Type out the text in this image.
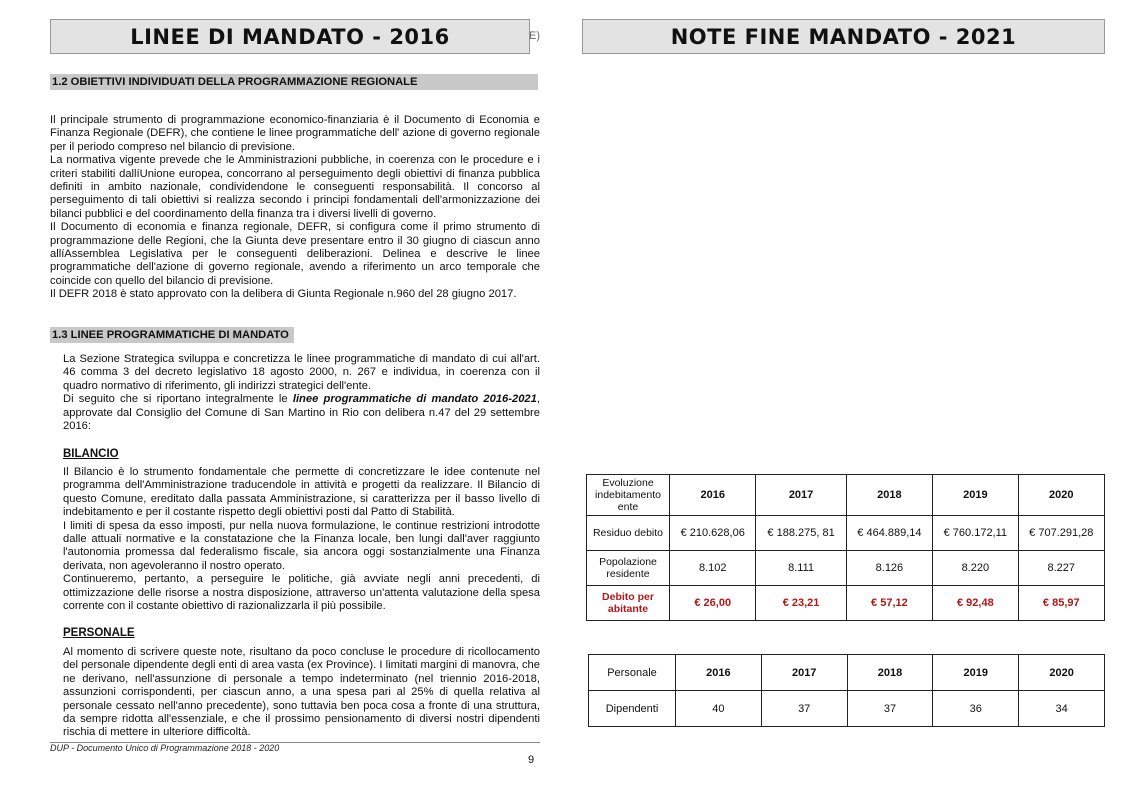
LINEE DI MANDATO - 2016	E)	NOTE FINE MANDATO - 2021
1.2 OBIETTIVI INDIVIDUATI DELLA PROGRAMMAZIONE REGIONALE

Il principale strumento di programmazione economico-finanziaria è il Documento di Economia e Finanza Regionale (DEFR), che contiene le linee programmatiche dell' azione di governo regionale per il periodo compreso nel bilancio di previsione.

La normativa vigente prevede che le Amministrazioni pubbliche, in coerenza con le procedure e i criteri stabiliti dallíUnione europea, concorrano al perseguimento degli obiettivi di finanza pubblica definiti in ambito nazionale, condividendone le conseguenti responsabilità. Il concorso al perseguimento di tali obiettivi si realizza secondo i principi fondamentali dell'armonizzazione dei bilanci pubblici e del coordinamento della finanza tra i diversi livelli di governo.

Il Documento di economia e finanza regionale, DEFR, si configura come il primo strumento di programmazione delle Regioni, che la Giunta deve presentare entro il 30 giugno di ciascun anno allíAssemblea Legislativa per le conseguenti deliberazioni. Delinea e descrive le linee programmatiche dell'azione di governo regionale, avendo a riferimento un arco temporale che coincide con quello del bilancio di previsione.

Il DEFR 2018 è stato approvato con la delibera di Giunta Regionale n.960 del 28 giugno 2017.

1.3 LINEE PROGRAMMATICHE DI MANDATO

La Sezione Strategica sviluppa e concretizza le linee programmatiche di mandato di cui all'art. 46 comma 3 del decreto legislativo 18 agosto 2000, n. 267 e individua, in coerenza con il quadro normativo di riferimento, gli indirizzi strategici dell'ente.

Di seguito che si riportano integralmente le linee programmatiche di mandato 2016-2021, approvate dal Consiglio del Comune di San Martino in Rio con delibera n.47 del 29 settembre 2016:

BILANCIO

Il Bilancio è lo strumento fondamentale che permette di concretizzare le idee contenute nel programma dell'Amministrazione traducendole in attività e progetti da realizzare. Il Bilancio di questo Comune, ereditato dalla passata Amministrazione, si caratterizza per il basso livello di indebitamento e per il costante rispetto degli obiettivi posti dal Patto di Stabilità.

I limiti di spesa da esso imposti, pur nella nuova formulazione, le continue restrizioni introdotte dalle attuali normative e la constatazione che la Finanza locale, ben lungi dall'aver raggiunto l'autonomia promessa dal federalismo fiscale, sia ancora oggi sostanzialmente una Finanza derivata, non agevoleranno il nostro operato.

Continueremo, pertanto, a perseguire le politiche, già avviate negli anni precedenti, di ottimizzazione delle risorse a nostra disposizione, attraverso un'attenta valutazione della spesa corrente con il costante obiettivo di razionalizzarla il più possibile.

PERSONALE

Al momento di scrivere queste note, risultano da poco concluse le procedure di ricollocamento del personale dipendente degli enti di area vasta (ex Province). I limitati margini di manovra, che ne derivano, nell'assunzione di personale a tempo indeterminato (nel triennio 2016-2018, assunzioni corrispondenti, per ciascun anno, a una spesa pari al 25% di quella relativa al personale cessato nell'anno precedente), sono tuttavia ben poca cosa a fronte di una struttura, da sempre ridotta all'essenziale, e che il prossimo pensionamento di diversi nostri dipendenti rischia di mettere in ulteriore difficoltà.

DUP - Documento Unico di Programmazione 2018 - 2020
9
Evoluzione indebitamento ente	2016	2017	2018	2019	2020
Residuo debito	€ 210.628,06	€ 188.275, 81	€ 464.889,14	€ 760.172,11	€ 707.291,28
Popolazione residente	8.102	8.111	8.126	8.220	8.227
Debito per abitante	€ 26,00	€ 23,21	€ 57,12	€ 92,48	€ 85,97
Personale	2016	2017	2018	2019	2020
Dipendenti	40	37	37	36	34
